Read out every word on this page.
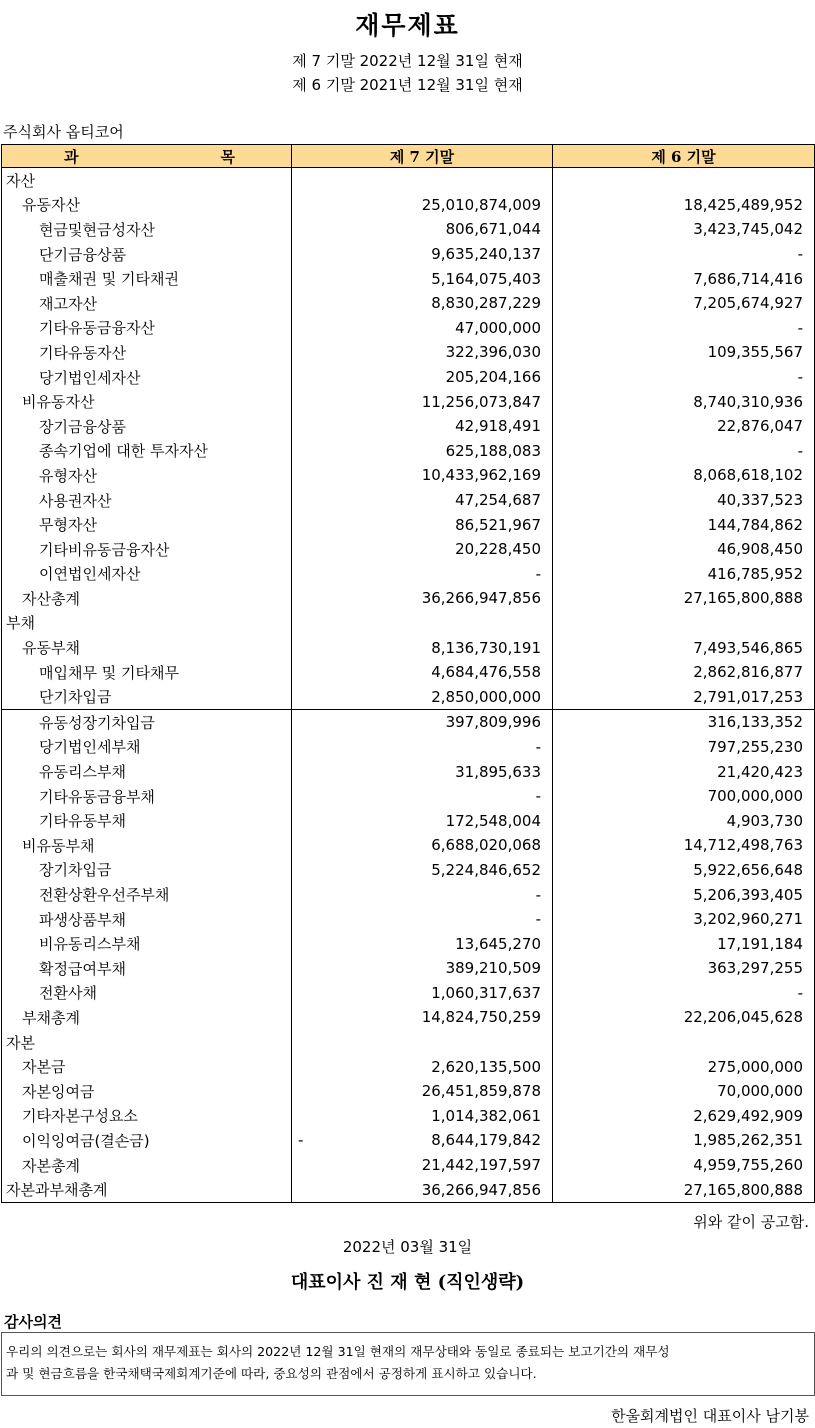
재무제표
제 7 기말 2022년 12월 31일 현재
제 6 기말 2021년 12월 31일 현재
주식회사 옵티코어
과 목	제 7 기말	제 6 기말
자산		
유동자산	25,010,874,009	18,425,489,952
현금및현금성자산	806,671,044	3,423,745,042
단기금융상품	9,635,240,137	-
매출채권 및 기타채권	5,164,075,403	7,686,714,416
재고자산	8,830,287,229	7,205,674,927
기타유동금융자산	47,000,000	-
기타유동자산	322,396,030	109,355,567
당기법인세자산	205,204,166	-
비유동자산	11,256,073,847	8,740,310,936
장기금융상품	42,918,491	22,876,047
종속기업에 대한 투자자산	625,188,083	-
유형자산	10,433,962,169	8,068,618,102
사용권자산	47,254,687	40,337,523
무형자산	86,521,967	144,784,862
기타비유동금융자산	20,228,450	46,908,450
이연법인세자산	-	416,785,952
자산총계	36,266,947,856	27,165,800,888
부채		
유동부채	8,136,730,191	7,493,546,865
매입채무 및 기타채무	4,684,476,558	2,862,816,877
단기차입금	2,850,000,000	2,791,017,253
유동성장기차입금	397,809,996	316,133,352
당기법인세부채	-	797,255,230
유동리스부채	31,895,633	21,420,423
기타유동금융부채	-	700,000,000
기타유동부채	172,548,004	4,903,730
비유동부채	6,688,020,068	14,712,498,763
장기차입금	5,224,846,652	5,922,656,648
전환상환우선주부채	-	5,206,393,405
파생상품부채	-	3,202,960,271
비유동리스부채	13,645,270	17,191,184
확정급여부채	389,210,509	363,297,255
전환사채	1,060,317,637	-
부채총계	14,824,750,259	22,206,045,628
자본		
자본금	2,620,135,500	275,000,000
자본잉여금	26,451,859,878	70,000,000
기타자본구성요소	1,014,382,061	2,629,492,909
이익잉여금(결손금)	- 8,644,179,842	1,985,262,351
자본총계	21,442,197,597	4,959,755,260
자본과부채총계	36,266,947,856	27,165,800,888
위와 같이 공고함.
2022년 03월 31일
대표이사 진 재 현 (직인생략)
감사의견
우리의 의견으로는 회사의 재무제표는 회사의 2022년 12월 31일 현재의 재무상태와 동일로 종료되는 보고기간의 재무성
과 및 현금흐름을 한국채택국제회계기준에 따라, 중요성의 관점에서 공정하게 표시하고 있습니다.
한울회계법인 대표이사 남기봉
